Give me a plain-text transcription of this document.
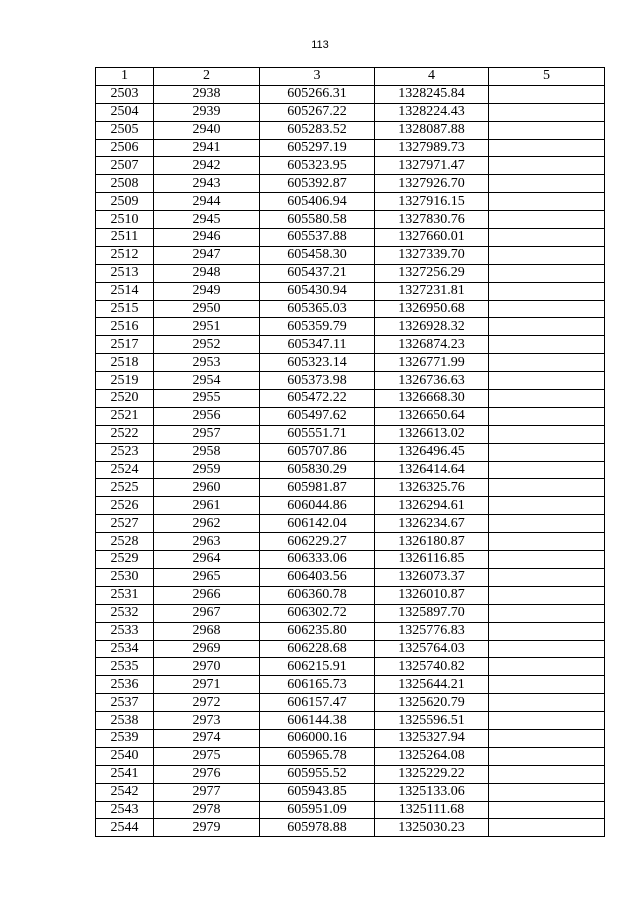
113
1	2	3	4	5
2503	2938	605266.31	1328245.84	
2504	2939	605267.22	1328224.43	
2505	2940	605283.52	1328087.88	
2506	2941	605297.19	1327989.73	
2507	2942	605323.95	1327971.47	
2508	2943	605392.87	1327926.70	
2509	2944	605406.94	1327916.15	
2510	2945	605580.58	1327830.76	
2511	2946	605537.88	1327660.01	
2512	2947	605458.30	1327339.70	
2513	2948	605437.21	1327256.29	
2514	2949	605430.94	1327231.81	
2515	2950	605365.03	1326950.68	
2516	2951	605359.79	1326928.32	
2517	2952	605347.11	1326874.23	
2518	2953	605323.14	1326771.99	
2519	2954	605373.98	1326736.63	
2520	2955	605472.22	1326668.30	
2521	2956	605497.62	1326650.64	
2522	2957	605551.71	1326613.02	
2523	2958	605707.86	1326496.45	
2524	2959	605830.29	1326414.64	
2525	2960	605981.87	1326325.76	
2526	2961	606044.86	1326294.61	
2527	2962	606142.04	1326234.67	
2528	2963	606229.27	1326180.87	
2529	2964	606333.06	1326116.85	
2530	2965	606403.56	1326073.37	
2531	2966	606360.78	1326010.87	
2532	2967	606302.72	1325897.70	
2533	2968	606235.80	1325776.83	
2534	2969	606228.68	1325764.03	
2535	2970	606215.91	1325740.82	
2536	2971	606165.73	1325644.21	
2537	2972	606157.47	1325620.79	
2538	2973	606144.38	1325596.51	
2539	2974	606000.16	1325327.94	
2540	2975	605965.78	1325264.08	
2541	2976	605955.52	1325229.22	
2542	2977	605943.85	1325133.06	
2543	2978	605951.09	1325111.68	
2544	2979	605978.88	1325030.23	
